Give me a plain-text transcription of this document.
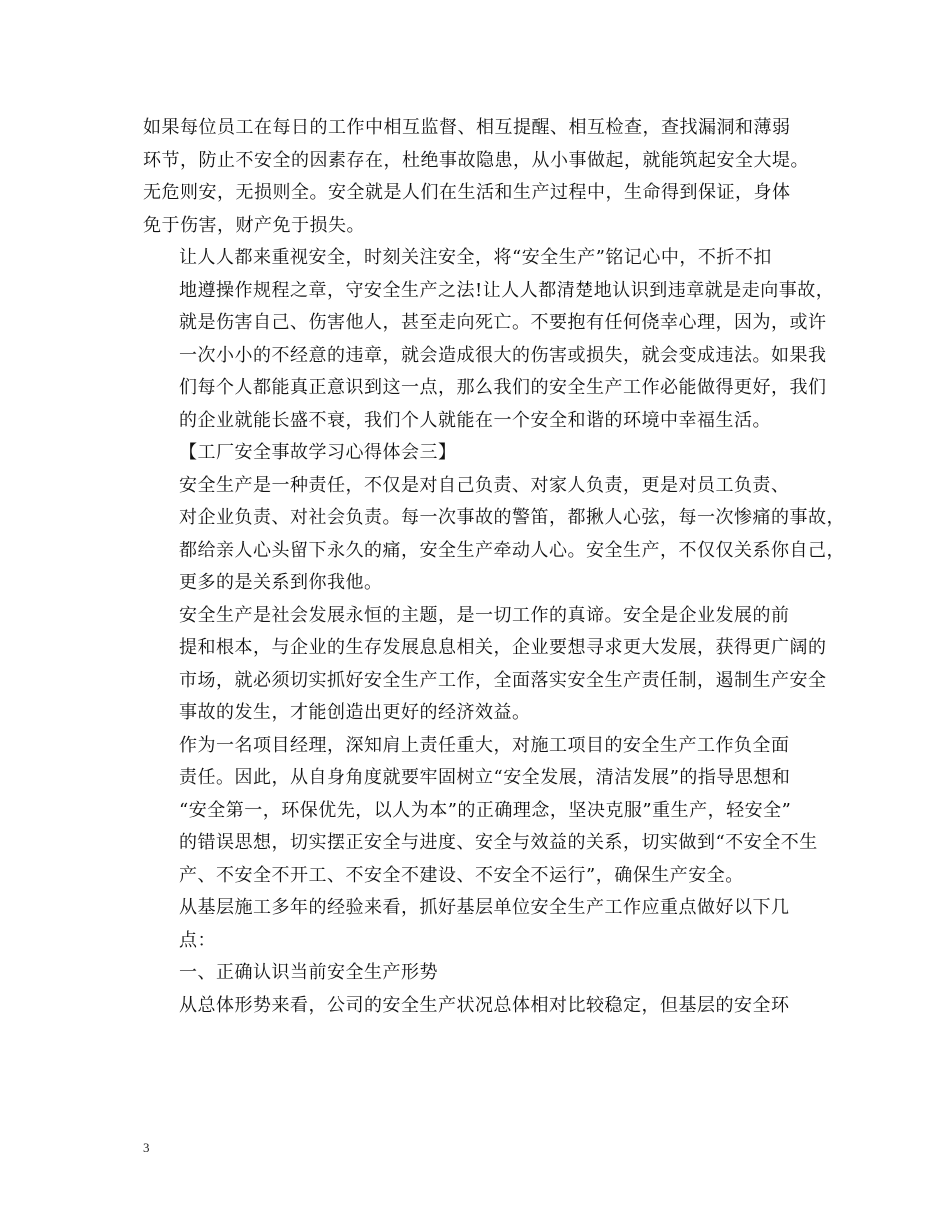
如果每位员工在每日的工作中相互监督、相互提醒、相互检查，查找漏洞和薄弱
环节，防止不安全的因素存在，杜绝事故隐患，从小事做起，就能筑起安全大堤。
无危则安，无损则全。安全就是人们在生活和生产过程中，生命得到保证，身体
免于伤害，财产免于损失。

让人人都来重视安全，时刻关注安全，将“安全生产”铭记心中，不折不扣
地遵操作规程之章，守安全生产之法!让人人都清楚地认识到违章就是走向事故，
就是伤害自己、伤害他人，甚至走向死亡。不要抱有任何侥幸心理，因为，或许
一次小小的不经意的违章，就会造成很大的伤害或损失，就会变成违法。如果我
们每个人都能真正意识到这一点，那么我们的安全生产工作必能做得更好，我们
的企业就能长盛不衰，我们个人就能在一个安全和谐的环境中幸福生活。

【工厂安全事故学习心得体会三】

安全生产是一种责任，不仅是对自己负责、对家人负责，更是对员工负责、
对企业负责、对社会负责。每一次事故的警笛，都揪人心弦，每一次惨痛的事故，
都给亲人心头留下永久的痛，安全生产牵动人心。安全生产，不仅仅关系你自己，
更多的是关系到你我他。

安全生产是社会发展永恒的主题，是一切工作的真谛。安全是企业发展的前
提和根本，与企业的生存发展息息相关，企业要想寻求更大发展，获得更广阔的
市场，就必须切实抓好安全生产工作，全面落实安全生产责任制，遏制生产安全
事故的发生，才能创造出更好的经济效益。

作为一名项目经理，深知肩上责任重大，对施工项目的安全生产工作负全面
责任。因此，从自身角度就要牢固树立“安全发展，清洁发展”的指导思想和
“安全第一，环保优先，以人为本”的正确理念，坚决克服”重生产，轻安全”
的错误思想，切实摆正安全与进度、安全与效益的关系，切实做到“不安全不生
产、不安全不开工、不安全不建设、不安全不运行”，确保生产安全。

从基层施工多年的经验来看，抓好基层单位安全生产工作应重点做好以下几
点：

一、正确认识当前安全生产形势

从总体形势来看，公司的安全生产状况总体相对比较稳定，但基层的安全环

3
